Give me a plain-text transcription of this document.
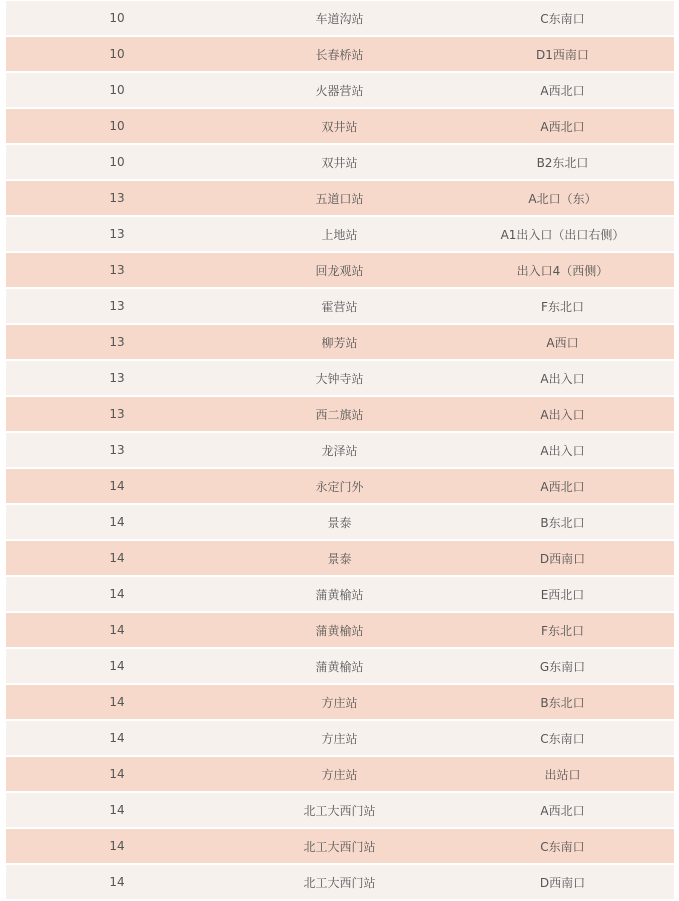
10	车道沟站	C东南口
10	长春桥站	D1西南口
10	火器营站	A西北口
10	双井站	A西北口
10	双井站	B2东北口
13	五道口站	A北口（东）
13	上地站	A1出入口（出口右侧）
13	回龙观站	出入口4（西侧）
13	霍营站	F东北口
13	柳芳站	A西口
13	大钟寺站	A出入口
13	西二旗站	A出入口
13	龙泽站	A出入口
14	永定门外	A西北口
14	景泰	B东北口
14	景泰	D西南口
14	蒲黄榆站	E西北口
14	蒲黄榆站	F东北口
14	蒲黄榆站	G东南口
14	方庄站	B东北口
14	方庄站	C东南口
14	方庄站	出站口
14	北工大西门站	A西北口
14	北工大西门站	C东南口
14	北工大西门站	D西南口
